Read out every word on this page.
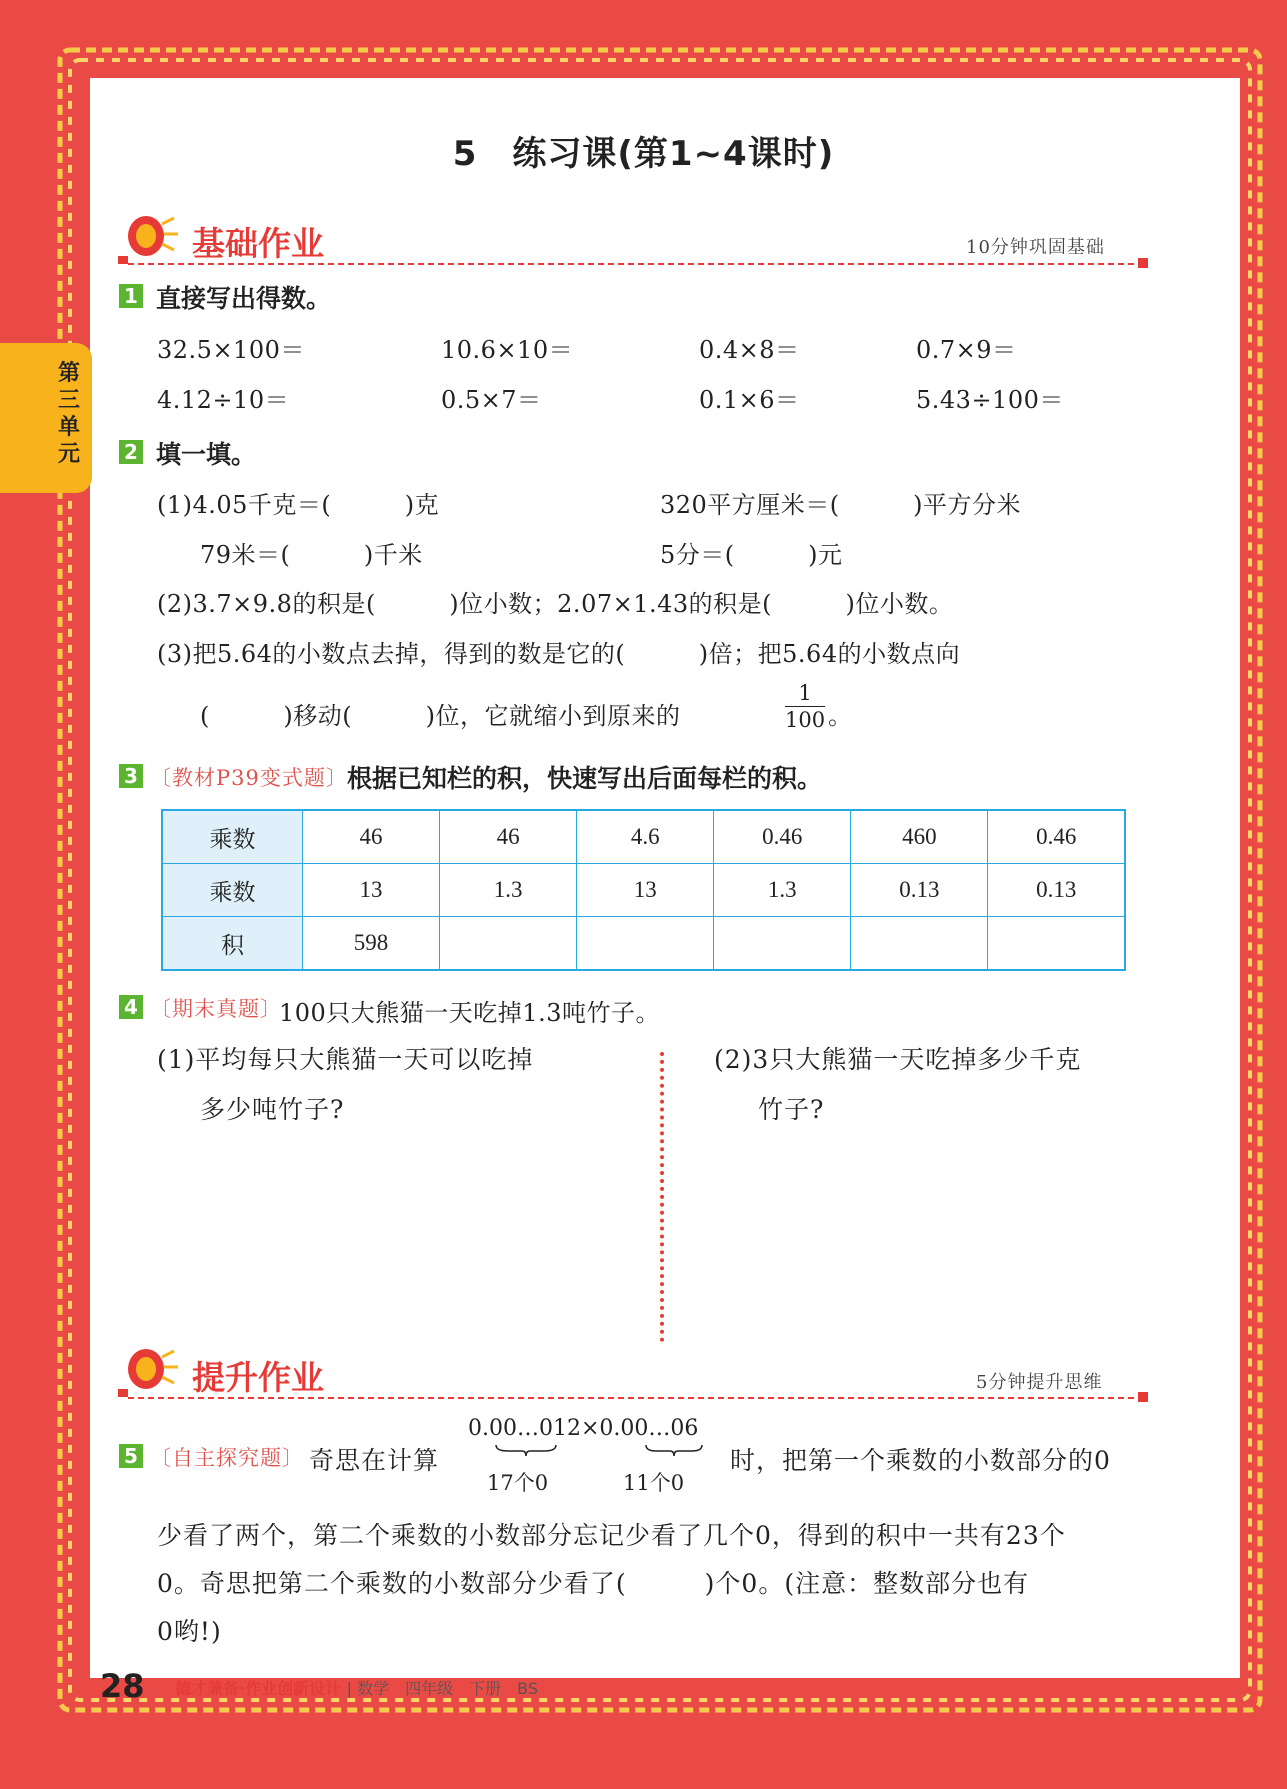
5　练习课(第1~4课时)
第
三
单
元
基础作业	10分钟巩固基础
1 直接写出得数。
32.5×100＝	10.6×10＝	0.4×8＝	0.7×9＝
4.12÷10＝	0.5×7＝	0.1×6＝	5.43÷100＝
2 填一填。
(1)4.05千克＝(　　　)克	320平方厘米＝(　　　)平方分米
79米＝(　　　)千米	5分＝(　　　)元
(2)3.7×9.8的积是(　　　)位小数；2.07×1.43的积是(　　　)位小数。
(3)把5.64的小数点去掉，得到的数是它的(　　　)倍；把5.64的小数点向
(　　　)移动(　　　)位，它就缩小到原来的	$\frac{1}{100}$ 。
3 〔教材P39变式题〕 根据已知栏的积，快速写出后面每栏的积。
乘数	46	46	4.6	0.46	460	0.46
乘数	13	1.3	13	1.3	0.13	0.13
积	598					
4 〔期末真题〕
100只大熊猫一天吃掉1.3吨竹子。
(1)平均每只大熊猫一天可以吃掉
多少吨竹子?
(2)3只大熊猫一天吃掉多少千克
竹子?
提升作业	5分钟提升思维
5 〔自主探究题〕 奇思在计算
0.00…012×0.00…06
17个0	11个0
时，把第一个乘数的小数部分的0
少看了两个，第二个乘数的小数部分忘记少看了几个0，得到的积中一共有23个
0。奇思把第二个乘数的小数部分少看了(　　　)个0。(注意：整数部分也有
0哟!)
28 德才兼备·作业创新设计 | 数学　四年级　下册　BS
